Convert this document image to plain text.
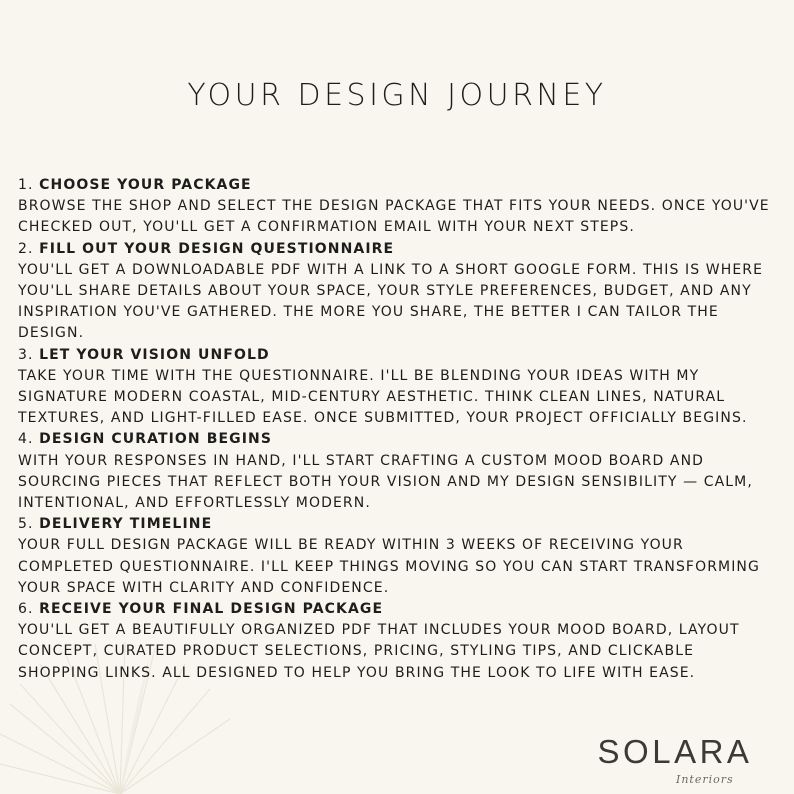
YOUR DESIGN JOURNEY
1. CHOOSE YOUR PACKAGE
BROWSE THE SHOP AND SELECT THE DESIGN PACKAGE THAT FITS YOUR NEEDS. ONCE YOU'VE
CHECKED OUT, YOU'LL GET A CONFIRMATION EMAIL WITH YOUR NEXT STEPS.
2. FILL OUT YOUR DESIGN QUESTIONNAIRE
YOU'LL GET A DOWNLOADABLE PDF WITH A LINK TO A SHORT GOOGLE FORM. THIS IS WHERE
YOU'LL SHARE DETAILS ABOUT YOUR SPACE, YOUR STYLE PREFERENCES, BUDGET, AND ANY
INSPIRATION YOU'VE GATHERED. THE MORE YOU SHARE, THE BETTER I CAN TAILOR THE
DESIGN.
3. LET YOUR VISION UNFOLD
TAKE YOUR TIME WITH THE QUESTIONNAIRE. I'LL BE BLENDING YOUR IDEAS WITH MY
SIGNATURE MODERN COASTAL, MID-CENTURY AESTHETIC. THINK CLEAN LINES, NATURAL
TEXTURES, AND LIGHT-FILLED EASE. ONCE SUBMITTED, YOUR PROJECT OFFICIALLY BEGINS.
4. DESIGN CURATION BEGINS
WITH YOUR RESPONSES IN HAND, I'LL START CRAFTING A CUSTOM MOOD BOARD AND
SOURCING PIECES THAT REFLECT BOTH YOUR VISION AND MY DESIGN SENSIBILITY — CALM,
INTENTIONAL, AND EFFORTLESSLY MODERN.
5. DELIVERY TIMELINE
YOUR FULL DESIGN PACKAGE WILL BE READY WITHIN 3 WEEKS OF RECEIVING YOUR
COMPLETED QUESTIONNAIRE. I'LL KEEP THINGS MOVING SO YOU CAN START TRANSFORMING
YOUR SPACE WITH CLARITY AND CONFIDENCE.
6. RECEIVE YOUR FINAL DESIGN PACKAGE
YOU'LL GET A BEAUTIFULLY ORGANIZED PDF THAT INCLUDES YOUR MOOD BOARD, LAYOUT
CONCEPT, CURATED PRODUCT SELECTIONS, PRICING, STYLING TIPS, AND CLICKABLE
SHOPPING LINKS. ALL DESIGNED TO HELP YOU BRING THE LOOK TO LIFE WITH EASE.
SOLARA
Interiors
